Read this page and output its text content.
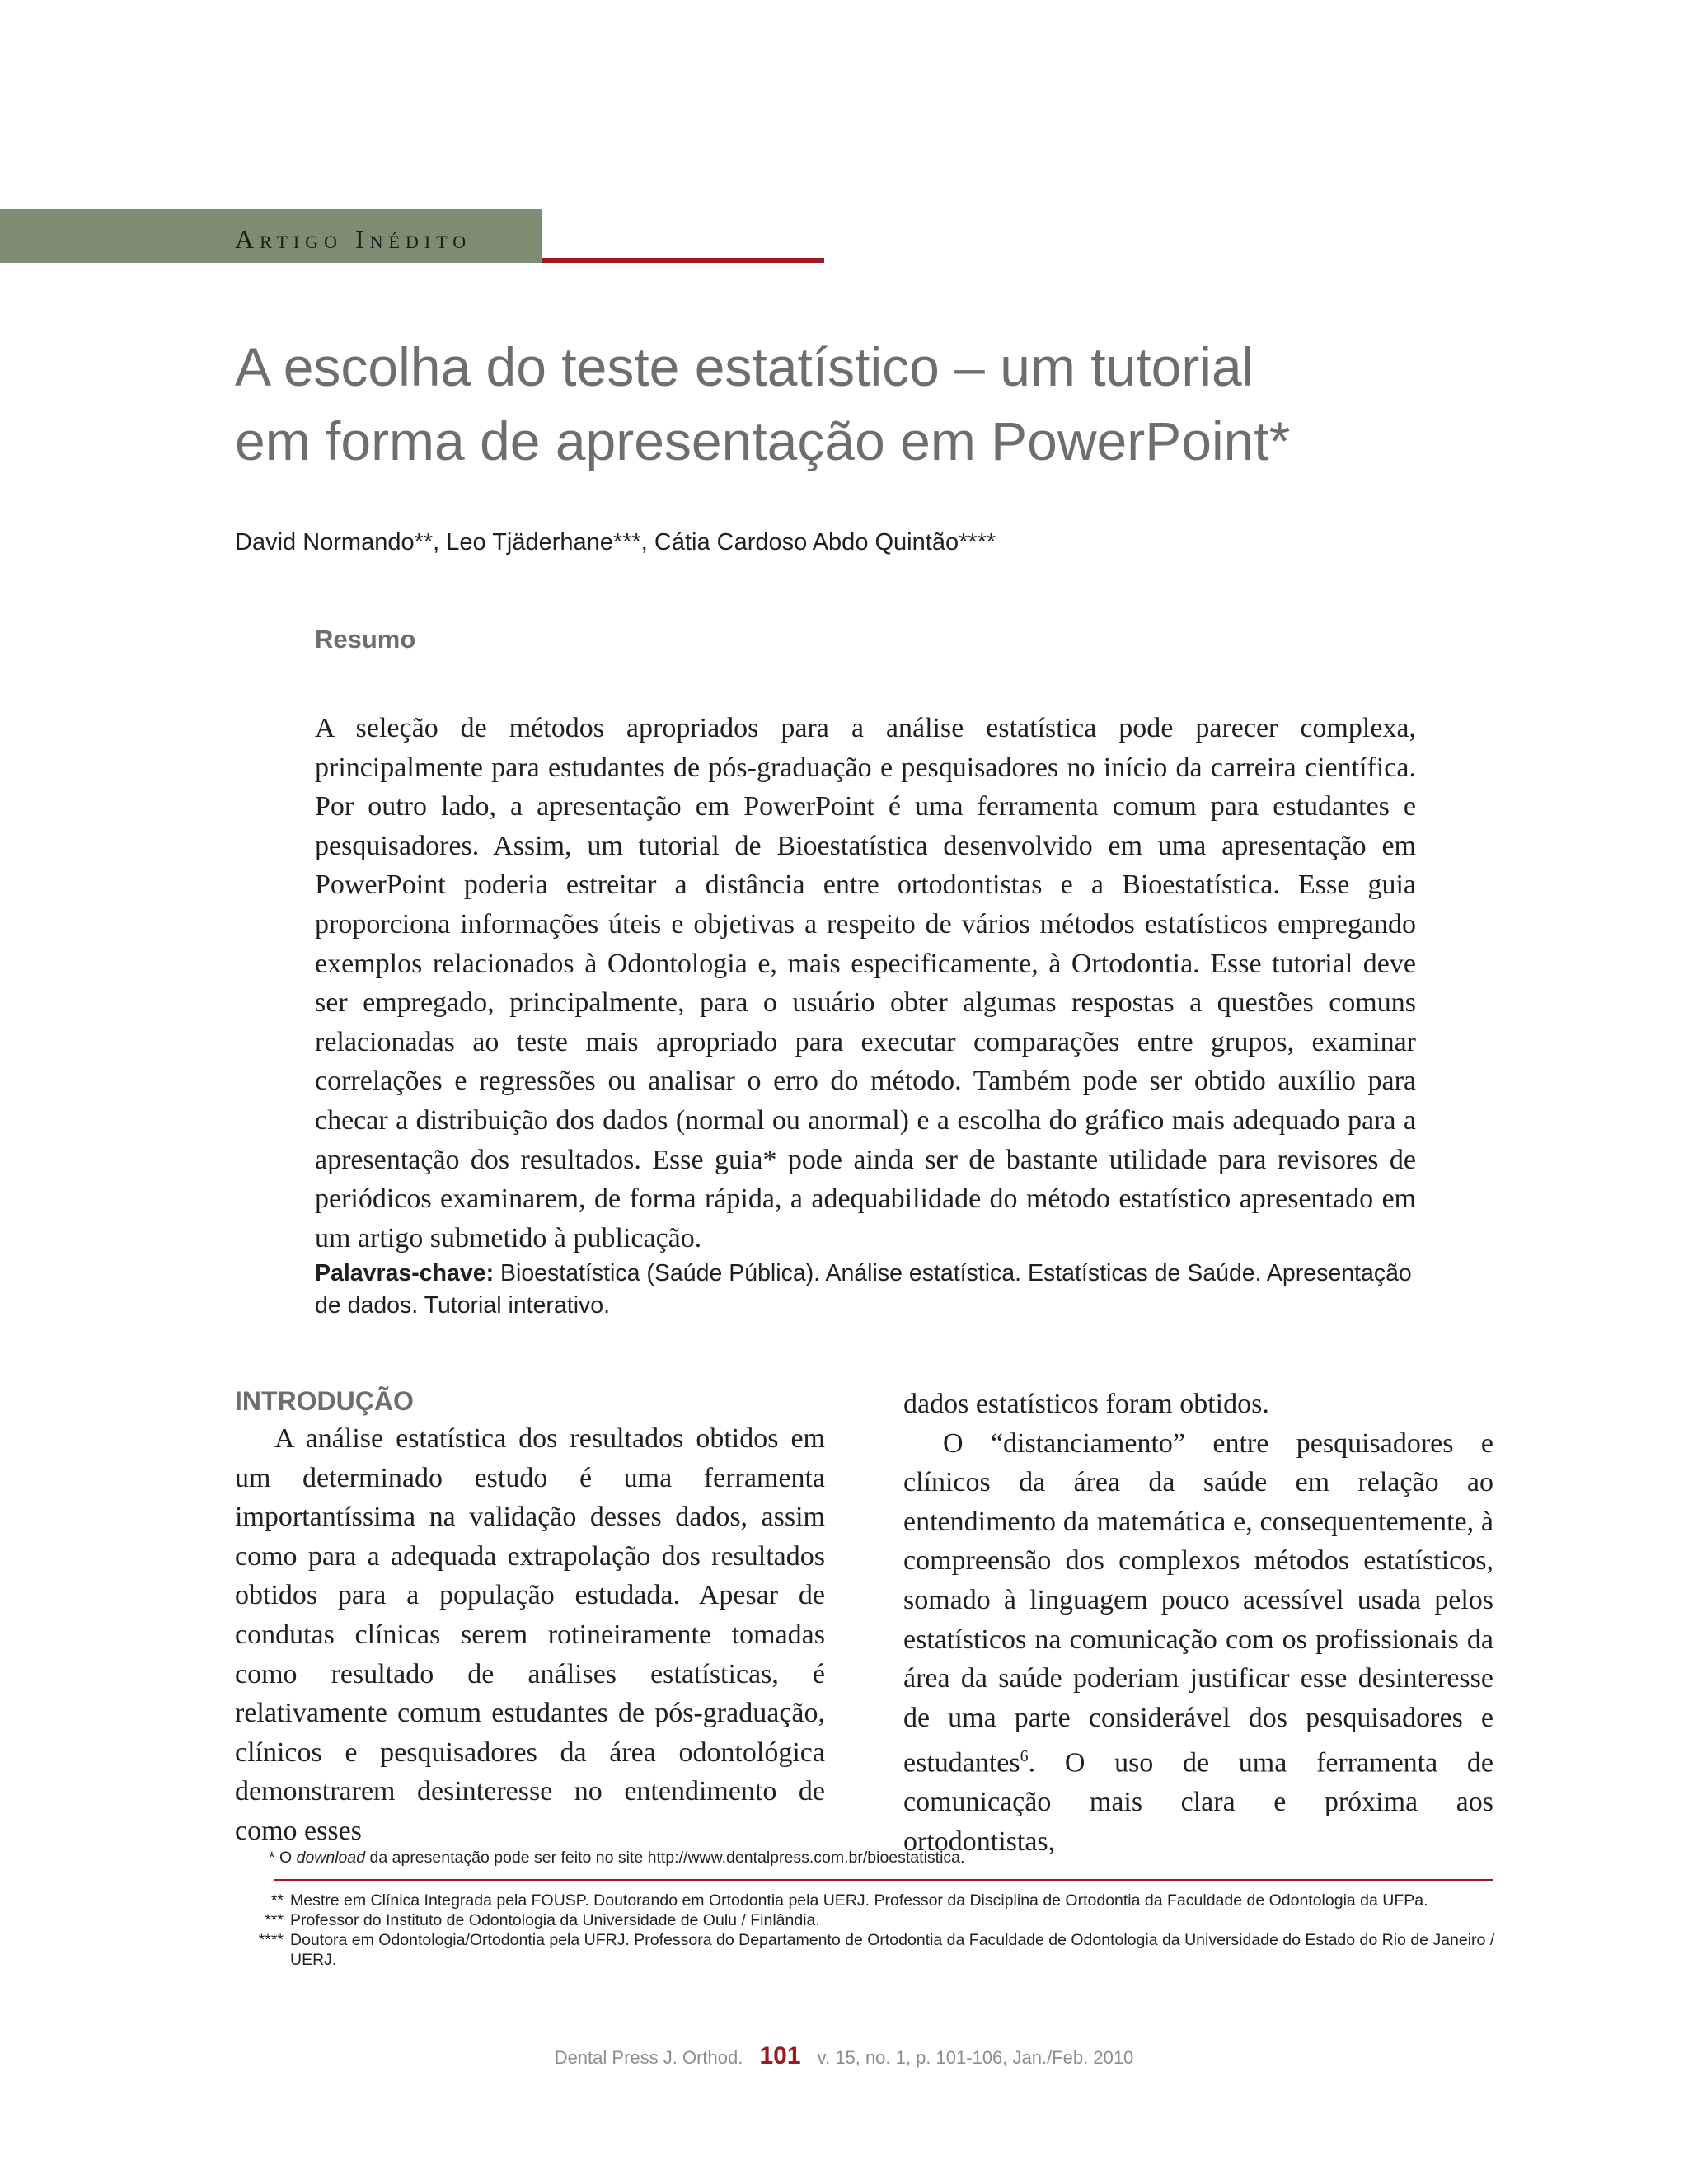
Artigo Inédito
A escolha do teste estatístico – um tutorial
em forma de apresentação em PowerPoint*
David Normando**, Leo Tjäderhane***, Cátia Cardoso Abdo Quintão****
Resumo

A seleção de métodos apropriados para a análise estatística pode parecer complexa, principalmente para estudantes de pós-graduação e pesquisadores no início da carreira científica. Por outro lado, a apresentação em PowerPoint é uma ferramenta comum para estudantes e pesquisadores. Assim, um tutorial de Bioestatística desenvolvido em uma apresentação em PowerPoint poderia estreitar a distância entre ortodontistas e a Bioestatística. Esse guia proporciona informações úteis e objetivas a respeito de vários métodos estatísticos empregando exemplos relacionados à Odontologia e, mais especificamente, à Ortodontia. Esse tutorial deve ser empregado, principalmente, para o usuário obter algumas respostas a questões comuns relacionadas ao teste mais apropriado para executar comparações entre grupos, examinar correlações e regressões ou analisar o erro do método. Também pode ser obtido auxílio para checar a distribuição dos dados (normal ou anormal) e a escolha do gráfico mais adequado para a apresentação dos resultados. Esse guia* pode ainda ser de bastante utilidade para revisores de periódicos examinarem, de forma rápida, a adequabilidade do método estatístico apresentado em um artigo submetido à publicação.

Palavras-chave: Bioestatística (Saúde Pública). Análise estatística. Estatísticas de Saúde. Apresentação de dados. Tutorial interativo.
INTRODUÇÃO

A análise estatística dos resultados obtidos em um determinado estudo é uma ferramenta importantíssima na validação desses dados, assim como para a adequada extrapolação dos resultados obtidos para a população estudada. Apesar de condutas clínicas serem rotineiramente tomadas como resultado de análises estatísticas, é relativamente comum estudantes de pós-graduação, clínicos e pesquisadores da área odontológica demonstrarem desinteresse no entendimento de como esses

dados estatísticos foram obtidos.

O “distanciamento” entre pesquisadores e clínicos da área da saúde em relação ao entendimento da matemática e, consequentemente, à compreensão dos complexos métodos estatísticos, somado à linguagem pouco acessível usada pelos estatísticos na comunicação com os profissionais da área da saúde poderiam justificar esse desinteresse de uma parte considerável dos pesquisadores e estudantes$^6$. O uso de uma ferramenta de comunicação mais clara e próxima aos ortodontistas,

* O download da apresentação pode ser feito no site http://www.dentalpress.com.br/bioestatistica.
** Mestre em Clínica Integrada pela FOUSP. Doutorando em Ortodontia pela UERJ. Professor da Disciplina de Ortodontia da Faculdade de Odontologia da UFPa.
*** Professor do Instituto de Odontologia da Universidade de Oulu / Finlândia.
**** Doutora em Odontologia/Ortodontia pela UFRJ. Professora do Departamento de Ortodontia da Faculdade de Odontologia da Universidade do Estado do Rio de Janeiro / UERJ.
Dental Press J. Orthod. 101 v. 15, no. 1, p. 101-106, Jan./Feb. 2010
